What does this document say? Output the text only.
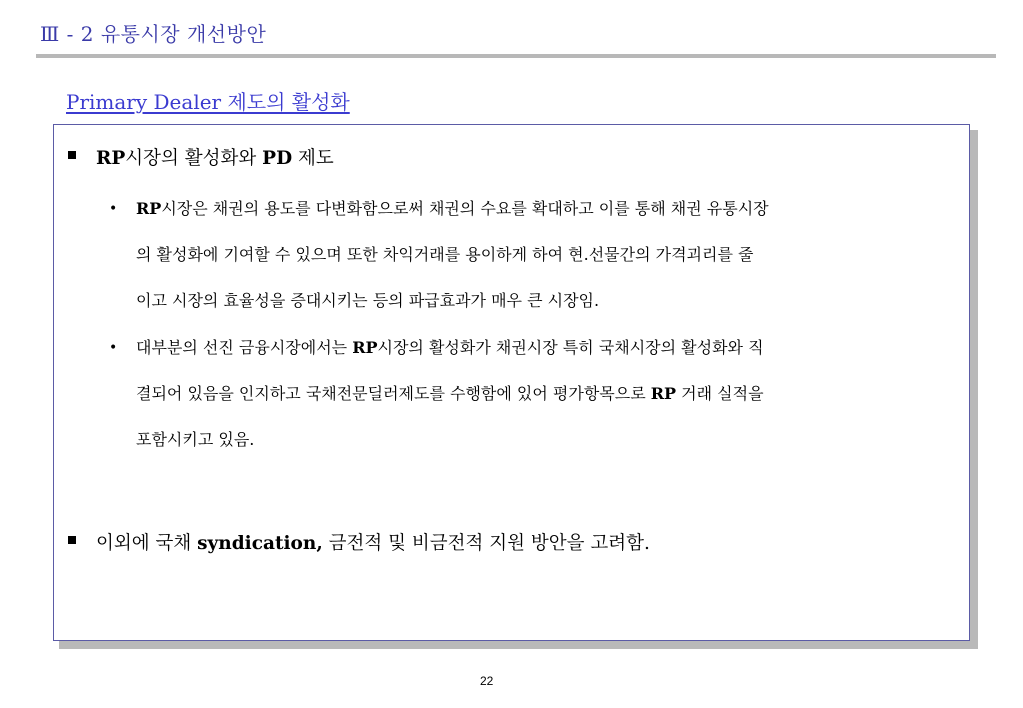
Ⅲ - 2 유통시장 개선방안
Primary Dealer 제도의 활성화
RP시장의 활성화와 PD 제도
• RP시장은 채권의 용도를 다변화함으로써 채권의 수요를 확대하고 이를 통해 채권 유통시장
의 활성화에 기여할 수 있으며 또한 차익거래를 용이하게 하여 현.선물간의 가격괴리를 줄
이고 시장의 효율성을 증대시키는 등의 파급효과가 매우 큰 시장임.
• 대부분의 선진 금융시장에서는 RP시장의 활성화가 채권시장 특히 국채시장의 활성화와 직
결되어 있음을 인지하고 국채전문딜러제도를 수행함에 있어 평가항목으로 RP 거래 실적을
포함시키고 있음.
이외에 국채 syndication, 금전적 및 비금전적 지원 방안을 고려함.
22
